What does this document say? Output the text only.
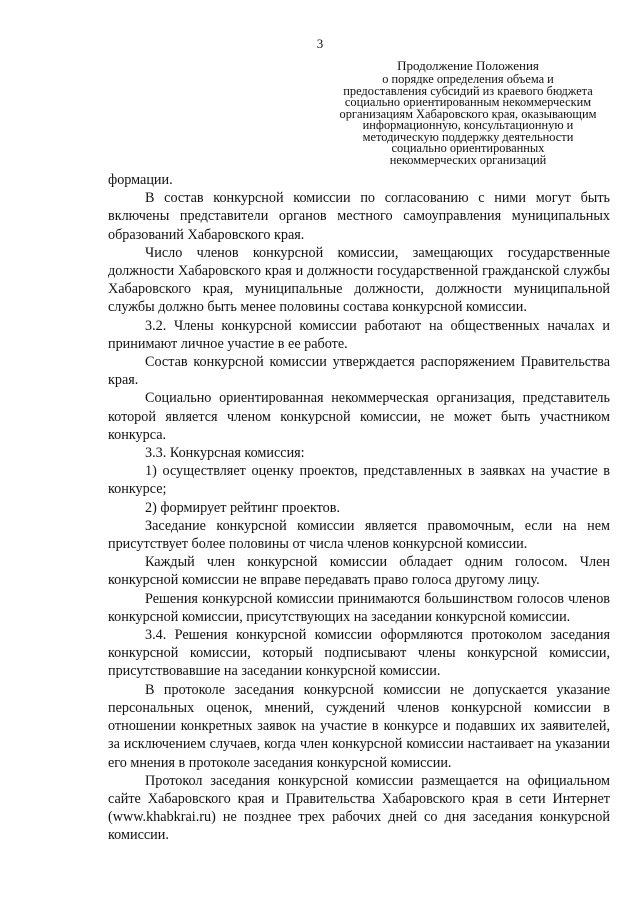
3
Продолжение Положения
о порядке определения объема и
предоставления субсидий из краевого бюджета
социально ориентированным некоммерческим
организациям Хабаровского края, оказывающим
информационную, консультационную и
методическую поддержку деятельности
социально ориентированных
некоммерческих организаций

формации.

В состав конкурсной комиссии по согласованию с ними могут быть включены представители органов местного самоуправления муниципальных образований Хабаровского края.

Число членов конкурсной комиссии, замещающих государственные должности Хабаровского края и должности государственной гражданской службы Хабаровского края, муниципальные должности, должности муниципальной службы должно быть менее половины состава конкурсной комиссии.

3.2. Члены конкурсной комиссии работают на общественных началах и принимают личное участие в ее работе.

Состав конкурсной комиссии утверждается распоряжением Правительства края.

Социально ориентированная некоммерческая организация, представитель которой является членом конкурсной комиссии, не может быть участником конкурса.

3.3. Конкурсная комиссия:

1) осуществляет оценку проектов, представленных в заявках на участие в конкурсе;

2) формирует рейтинг проектов.

Заседание конкурсной комиссии является правомочным, если на нем присутствует более половины от числа членов конкурсной комиссии.

Каждый член конкурсной комиссии обладает одним голосом. Член конкурсной комиссии не вправе передавать право голоса другому лицу.

Решения конкурсной комиссии принимаются большинством голосов членов конкурсной комиссии, присутствующих на заседании конкурсной комиссии.

3.4. Решения конкурсной комиссии оформляются протоколом заседания конкурсной комиссии, который подписывают члены конкурсной комиссии, присутствовавшие на заседании конкурсной комиссии.

В протоколе заседания конкурсной комиссии не допускается указание персональных оценок, мнений, суждений членов конкурсной комиссии в отношении конкретных заявок на участие в конкурсе и подавших их заявителей, за исключением случаев, когда член конкурсной комиссии настаивает на указании его мнения в протоколе заседания конкурсной комиссии.

Протокол заседания конкурсной комиссии размещается на официальном сайте Хабаровского края и Правительства Хабаровского края в сети Интернет (www.khabkrai.ru) не позднее трех рабочих дней со дня заседания конкурсной комиссии.
